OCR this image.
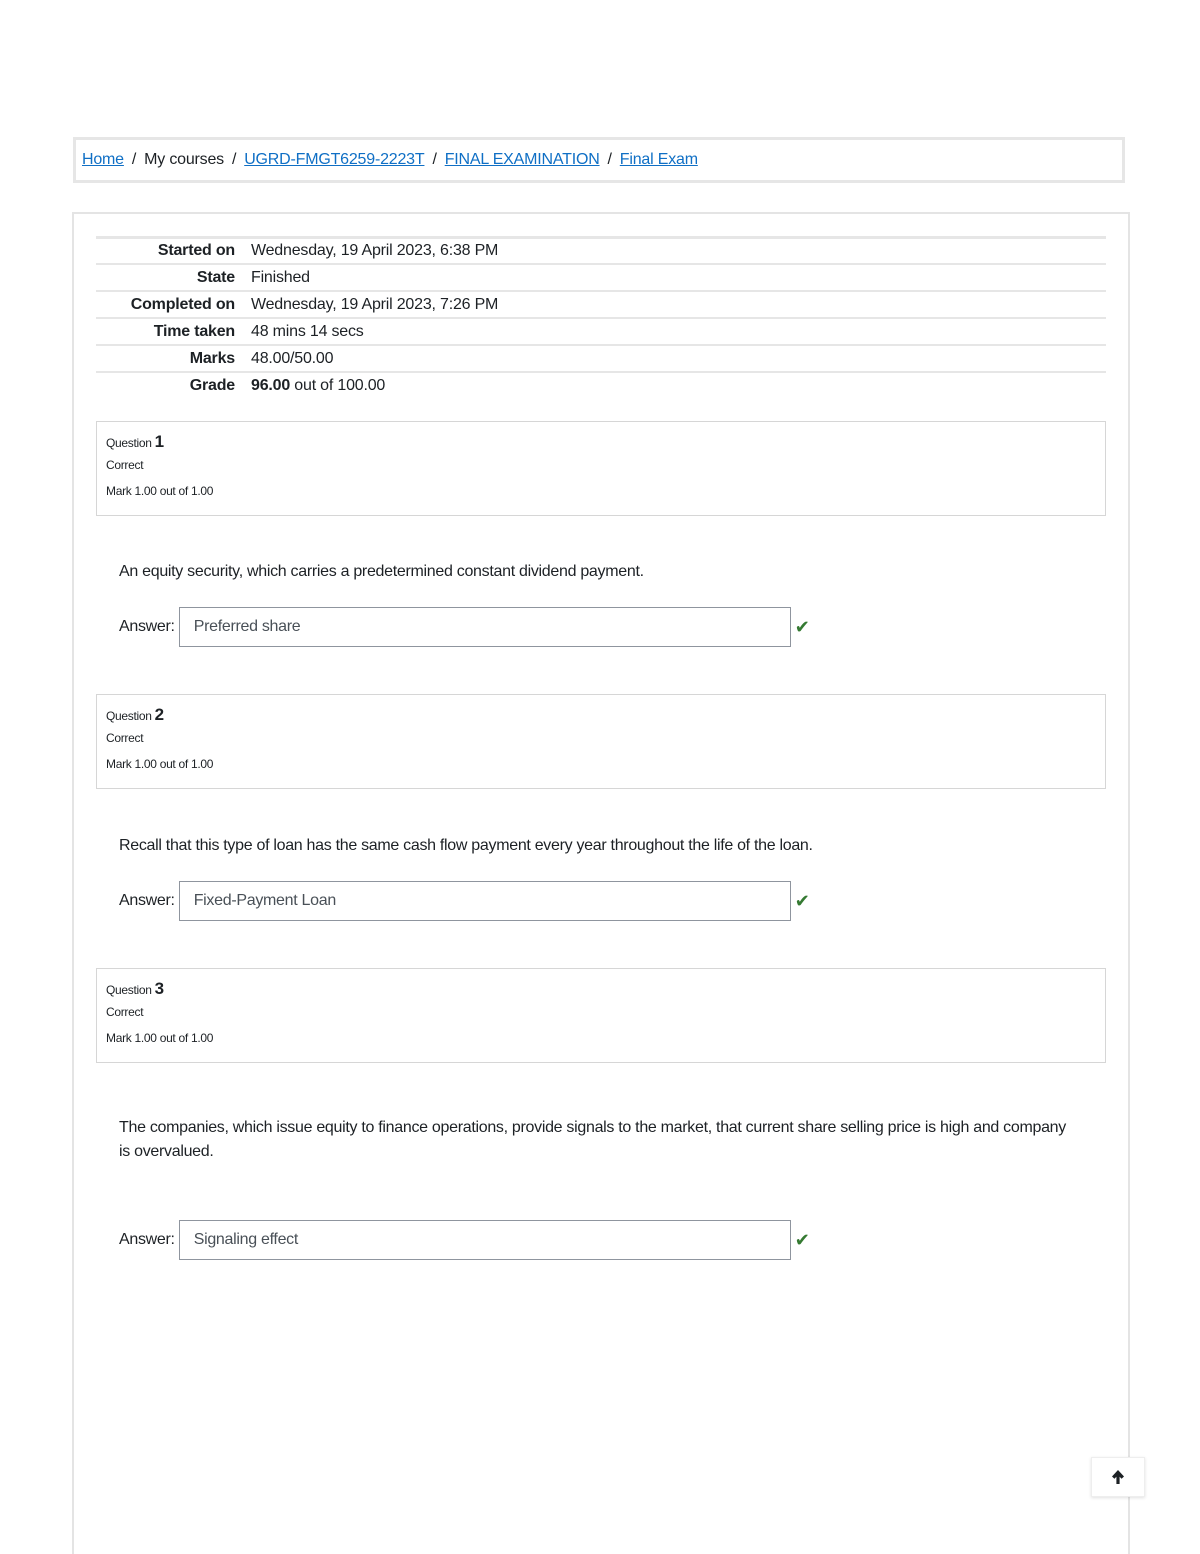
Home / My courses / UGRD-FMGT6259-2223T / FINAL EXAMINATION / Final Exam
Started on	Wednesday, 19 April 2023, 6:38 PM
State	Finished
Completed on	Wednesday, 19 April 2023, 7:26 PM
Time taken	48 mins 14 secs
Marks	48.00/50.00
Grade	96.00 out of 100.00
Question 1
Correct
Mark 1.00 out of 1.00
An equity security, which carries a predetermined constant dividend payment.
Answer:	Preferred share	✔
Question 2
Correct
Mark 1.00 out of 1.00
Recall that this type of loan has the same cash flow payment every year throughout the life of the loan.
Answer:	Fixed-Payment Loan	✔
Question 3
Correct
Mark 1.00 out of 1.00
The companies, which issue equity to finance operations, provide signals to the market, that current share selling price is high and company is overvalued.
Answer:	Signaling effect	✔
